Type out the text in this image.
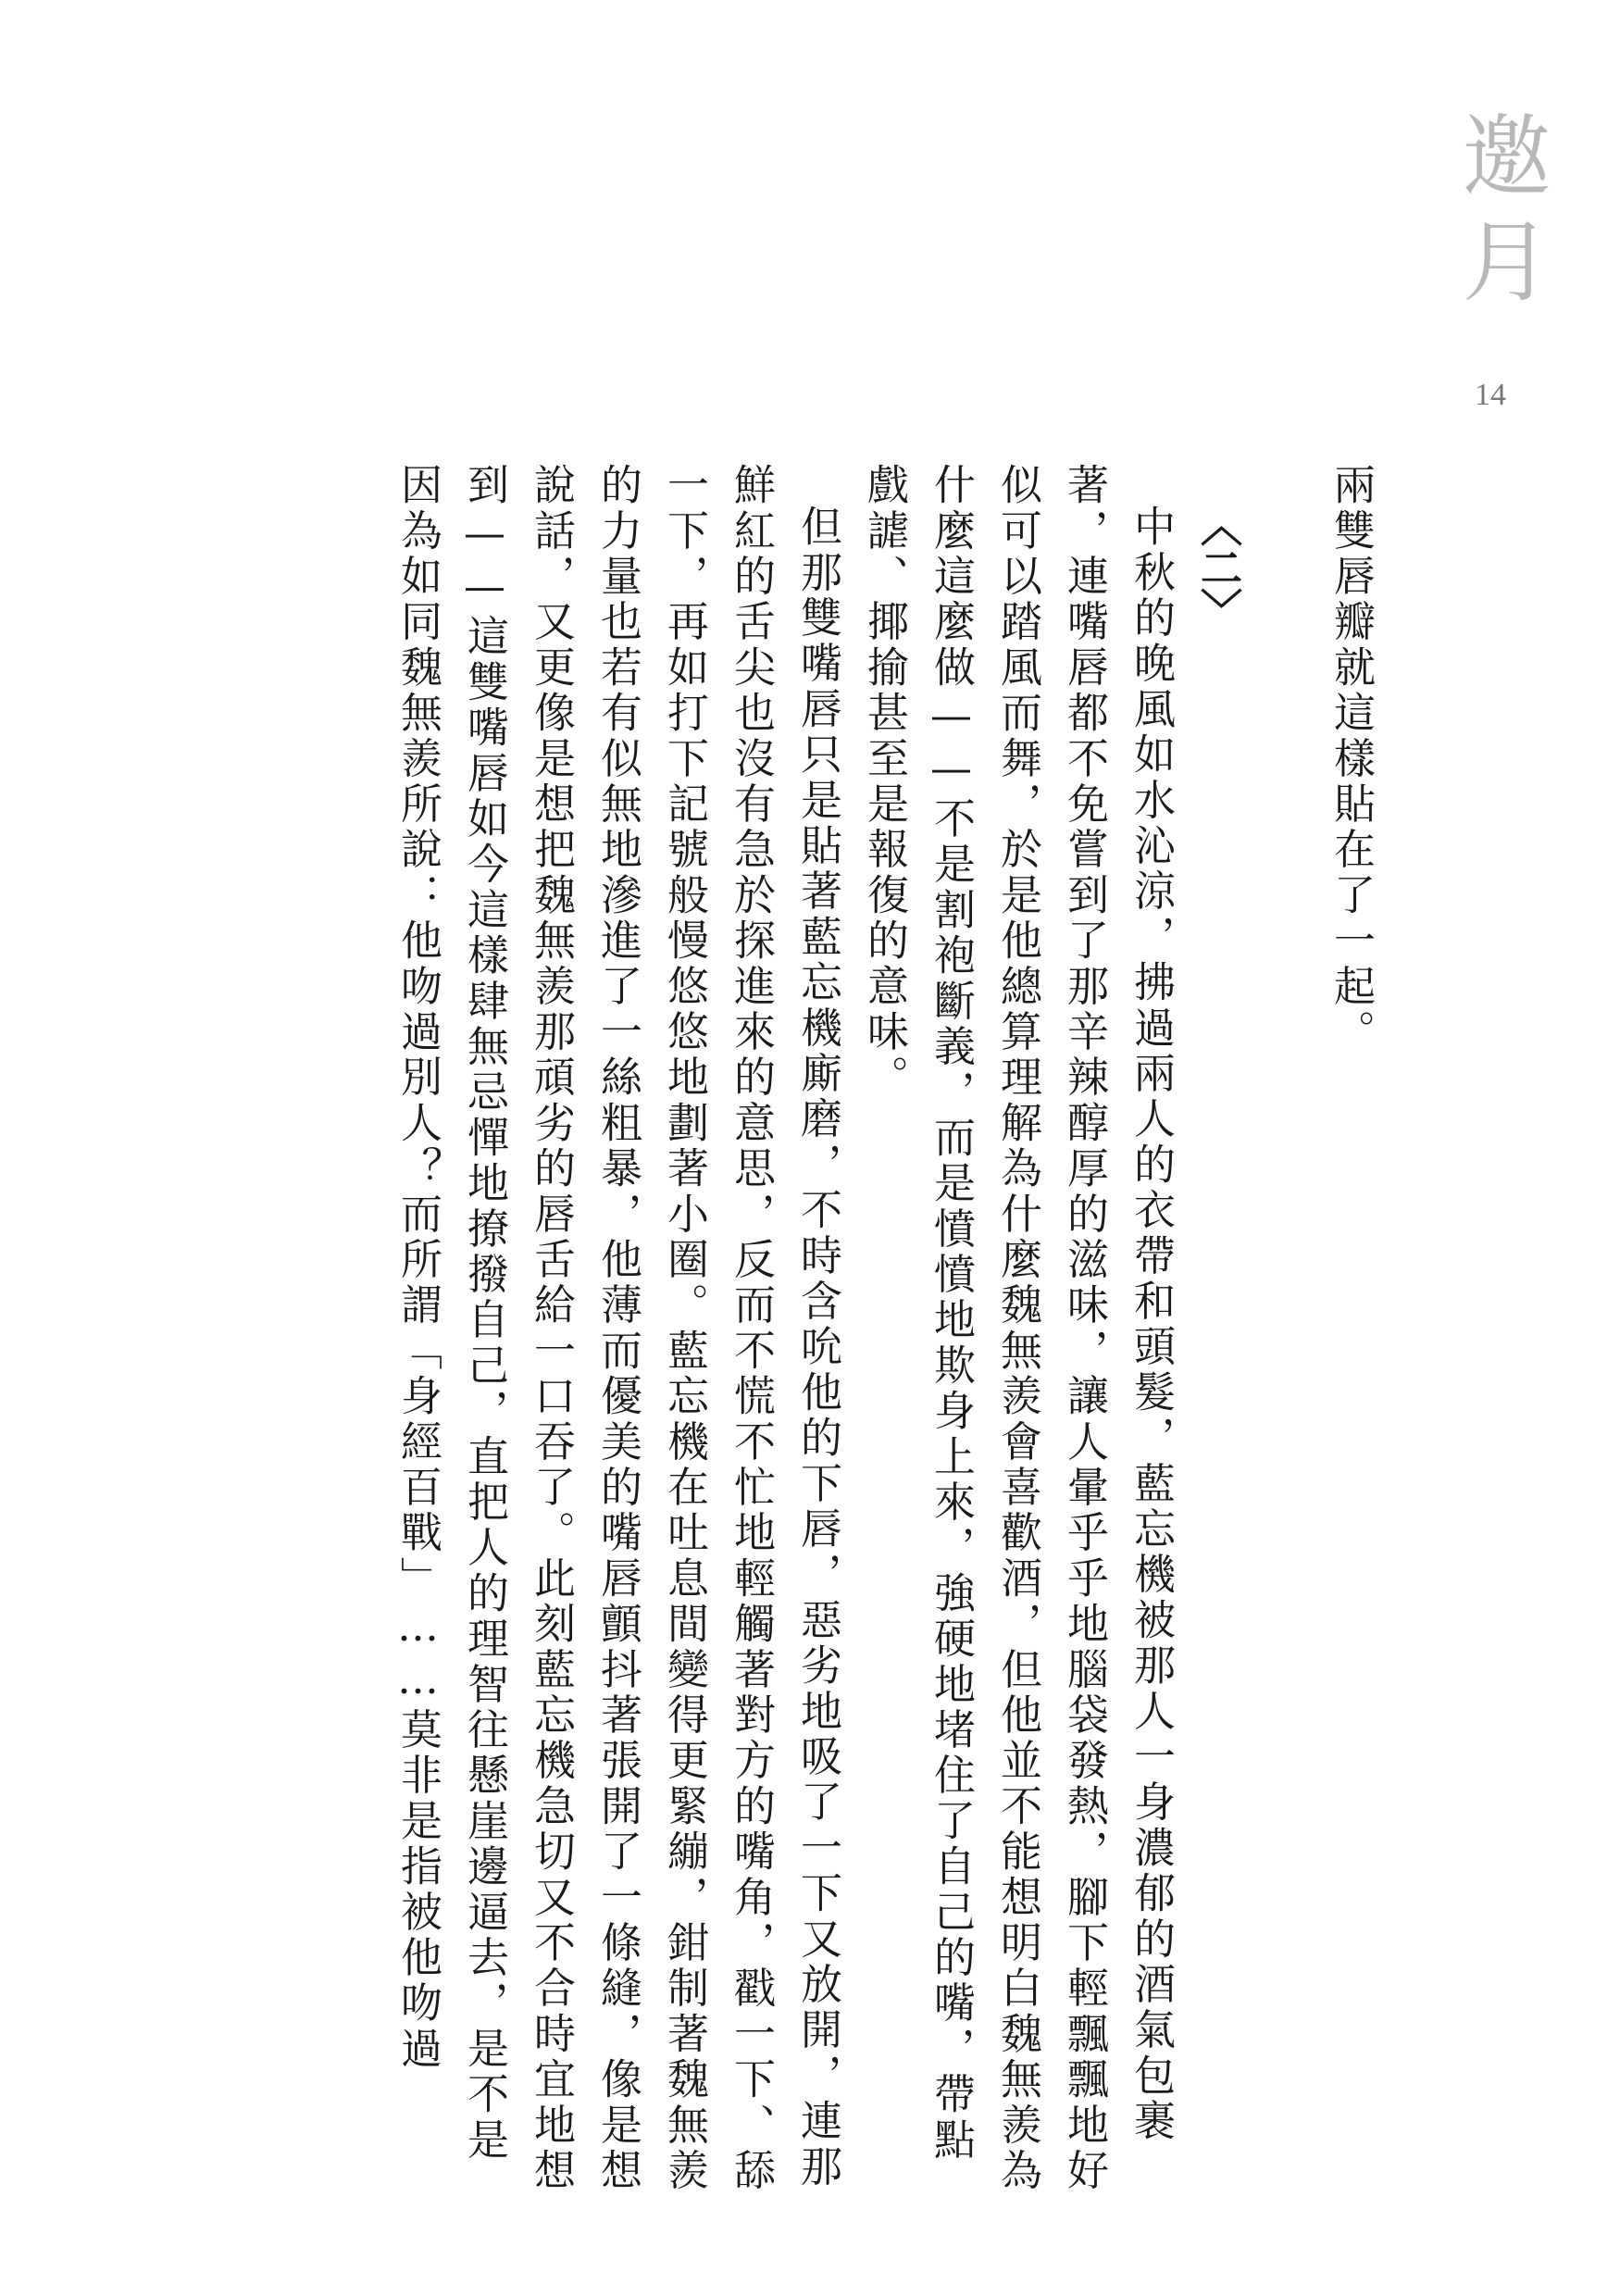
邀月
14

兩雙唇瓣就這樣貼在了一起。

〈二〉

中秋的晚風如水沁涼，拂過兩人的衣帶和頭髮，藍忘機被那人一身濃郁的酒氣包裹著，連嘴唇都不免嘗到了那辛辣醇厚的滋味，讓人暈乎乎地腦袋發熱，腳下輕飄飄地好似可以踏風而舞，於是他總算理解為什麼魏無羨會喜歡酒，但他並不能想明白魏無羨為什麼這麼做——不是割袍斷義，而是憤憤地欺身上來，強硬地堵住了自己的嘴，帶點戲謔、揶揄甚至是報復的意味。

但那雙嘴唇只是貼著藍忘機廝磨，不時含吮他的下唇，惡劣地吸了一下又放開，連那鮮紅的舌尖也沒有急於探進來的意思，反而不慌不忙地輕觸著對方的嘴角，戳一下、舔一下，再如打下記號般慢悠悠地劃著小圈。藍忘機在吐息間變得更緊繃，鉗制著魏無羨的力量也若有似無地滲進了一絲粗暴，他薄而優美的嘴唇顫抖著張開了一條縫，像是想說話，又更像是想把魏無羨那頑劣的唇舌給一口吞了。此刻藍忘機急切又不合時宜地想到——這雙嘴唇如今這樣肆無忌憚地撩撥自己，直把人的理智往懸崖邊逼去，是不是因為如同魏無羨所說：他吻過別人？而所謂「身經百戰」……莫非是指被他吻過
